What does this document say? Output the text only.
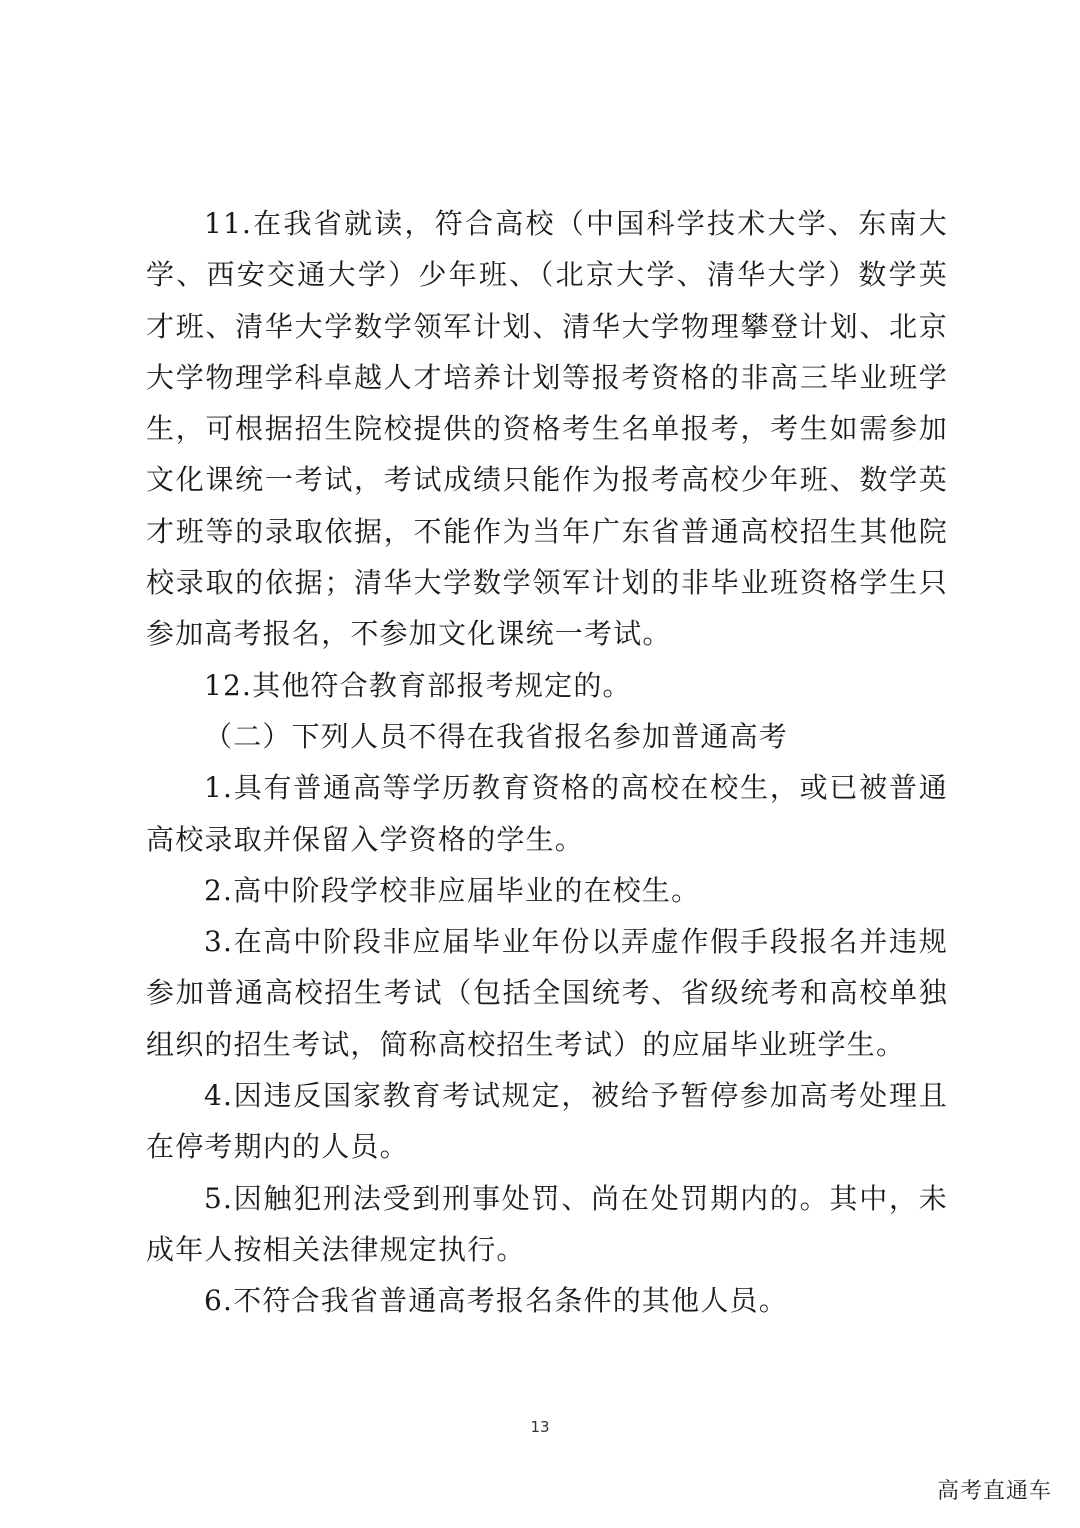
11.在我省就读，符合高校（中国科学技术大学、东南大学、西安交通大学）少年班、（北京大学、清华大学）数学英才班、清华大学数学领军计划、清华大学物理攀登计划、北京大学物理学科卓越人才培养计划等报考资格的非高三毕业班学生，可根据招生院校提供的资格考生名单报考，考生如需参加文化课统一考试，考试成绩只能作为报考高校少年班、数学英才班等的录取依据，不能作为当年广东省普通高校招生其他院校录取的依据；清华大学数学领军计划的非毕业班资格学生只参加高考报名，不参加文化课统一考试。

12.其他符合教育部报考规定的。

（二）下列人员不得在我省报名参加普通高考

1.具有普通高等学历教育资格的高校在校生，或已被普通高校录取并保留入学资格的学生。

2.高中阶段学校非应届毕业的在校生。

3.在高中阶段非应届毕业年份以弄虚作假手段报名并违规参加普通高校招生考试（包括全国统考、省级统考和高校单独组织的招生考试，简称高校招生考试）的应届毕业班学生。

4.因违反国家教育考试规定，被给予暂停参加高考处理且在停考期内的人员。

5.因触犯刑法受到刑事处罚、尚在处罚期内的。其中，未成年人按相关法律规定执行。

6.不符合我省普通高考报名条件的其他人员。

13
高考直通车
